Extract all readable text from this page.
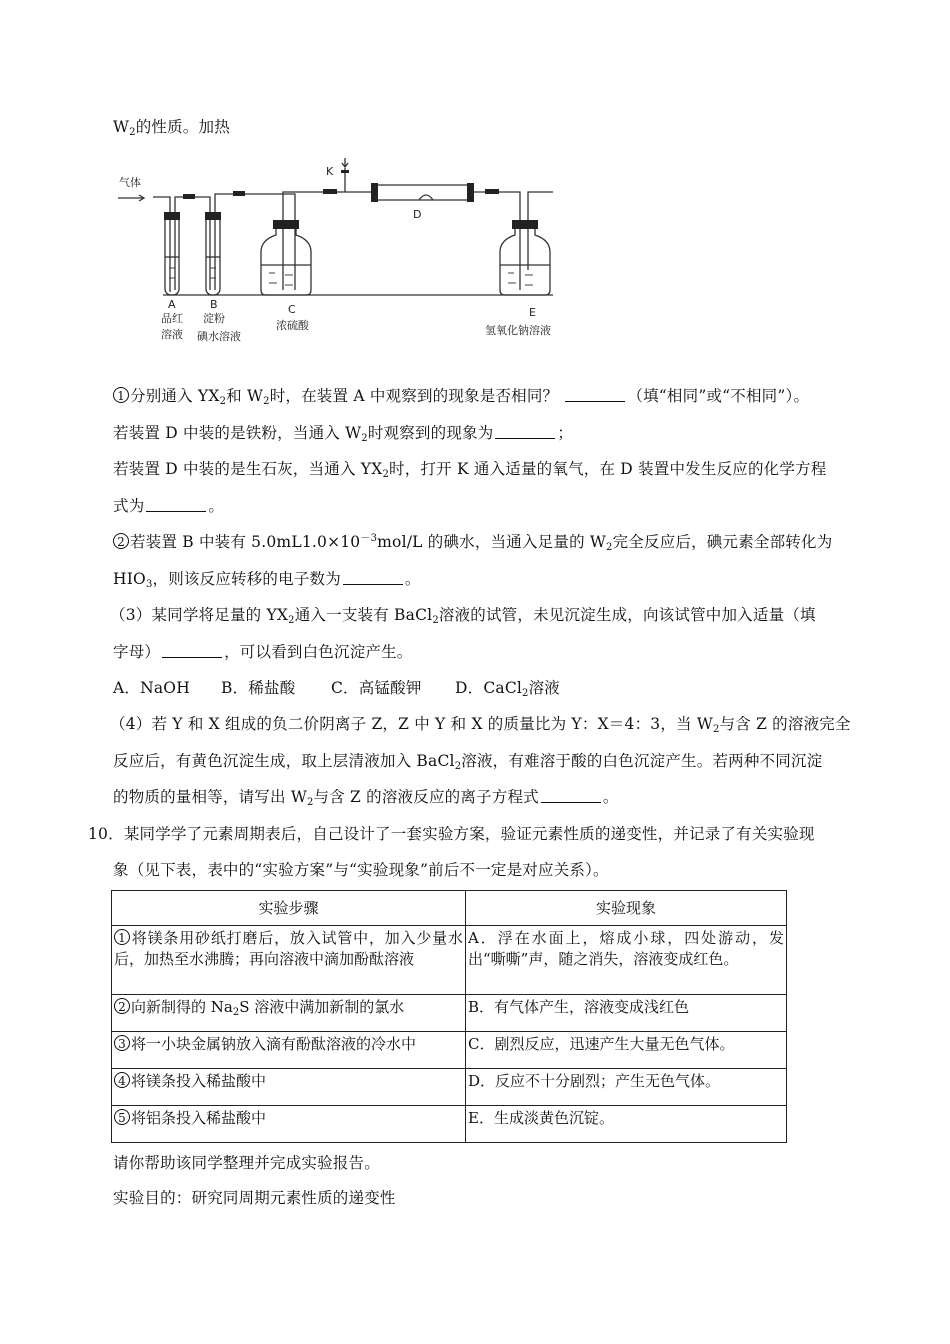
$W_2$的性质。加热
气体
K
D
A
品红
溶液
B
淀粉
碘水溶液
C
浓硫酸
E
氢氧化钠溶液
1 分别通入 $YX_2$和 $W_2$时，在装置 A 中观察到的现象是否相同？	（填“相同”或“不相同”）。
若装置 D 中装的是铁粉，当通入 $W_2$时观察到的现象为	；
若装置 D 中装的是生石灰，当通入 $YX_2$时，打开 K 通入适量的氧气，在 D 装置中发生反应的化学方程
式为	。
2 若装置 B 中装有 $5.0mL1.0\times 10^{-3}mol/L$ 的碘水，当通入足量的 $W_2$完全反应后，碘元素全部转化为
$HIO_3$，则该反应转移的电子数为	。
（3）某同学将足量的 $YX_2$通入一支装有 BaCl$_2$溶液的试管，未见沉淀生成，向该试管中加入适量（填
字母）	，可以看到白色沉淀产生。
A．NaOH B．稀盐酸 C．高锰酸钾 D．CaCl$_2$溶液
（4）若 Y 和 X 组成的负二价阴离子 Z，Z 中 Y 和 X 的质量比为 Y：X＝4：3，当 $W_2$与含 Z 的溶液完全
反应后，有黄色沉淀生成，取上层清液加入 BaCl$_2$溶液，有难溶于酸的白色沉淀产生。若两种不同沉淀
的物质的量相等，请写出 $W_2$与含 Z 的溶液反应的离子方程式	。
10．某同学学了元素周期表后，自己设计了一套实验方案，验证元素性质的递变性，并记录了有关实验现
象（见下表，表中的“实验方案”与“实验现象”前后不一定是对应关系）。
实验步骤	实验现象
1 将镁条用砂纸打磨后，放入试管中，加入少量水后，加热至水沸腾；再向溶液中滴加酚酞溶液	A．浮在水面上，熔成小球，四处游动，发出“嘶嘶”声，随之消失，溶液变成红色。
2 向新制得的 $Na_2S$ 溶液中满加新制的氯水	B．有气体产生，溶液变成浅红色
3 将一小块金属钠放入滴有酚酞溶液的冷水中	C．剧烈反应，迅速产生大量无色气体。
4 将镁条投入稀盐酸中	D．反应不十分剧烈；产生无色气体。
5 将铝条投入稀盐酸中	E．生成淡黄色沉锭。
请你帮助该同学整理并完成实验报告。
实验目的：研究同周期元素性质的递变性
